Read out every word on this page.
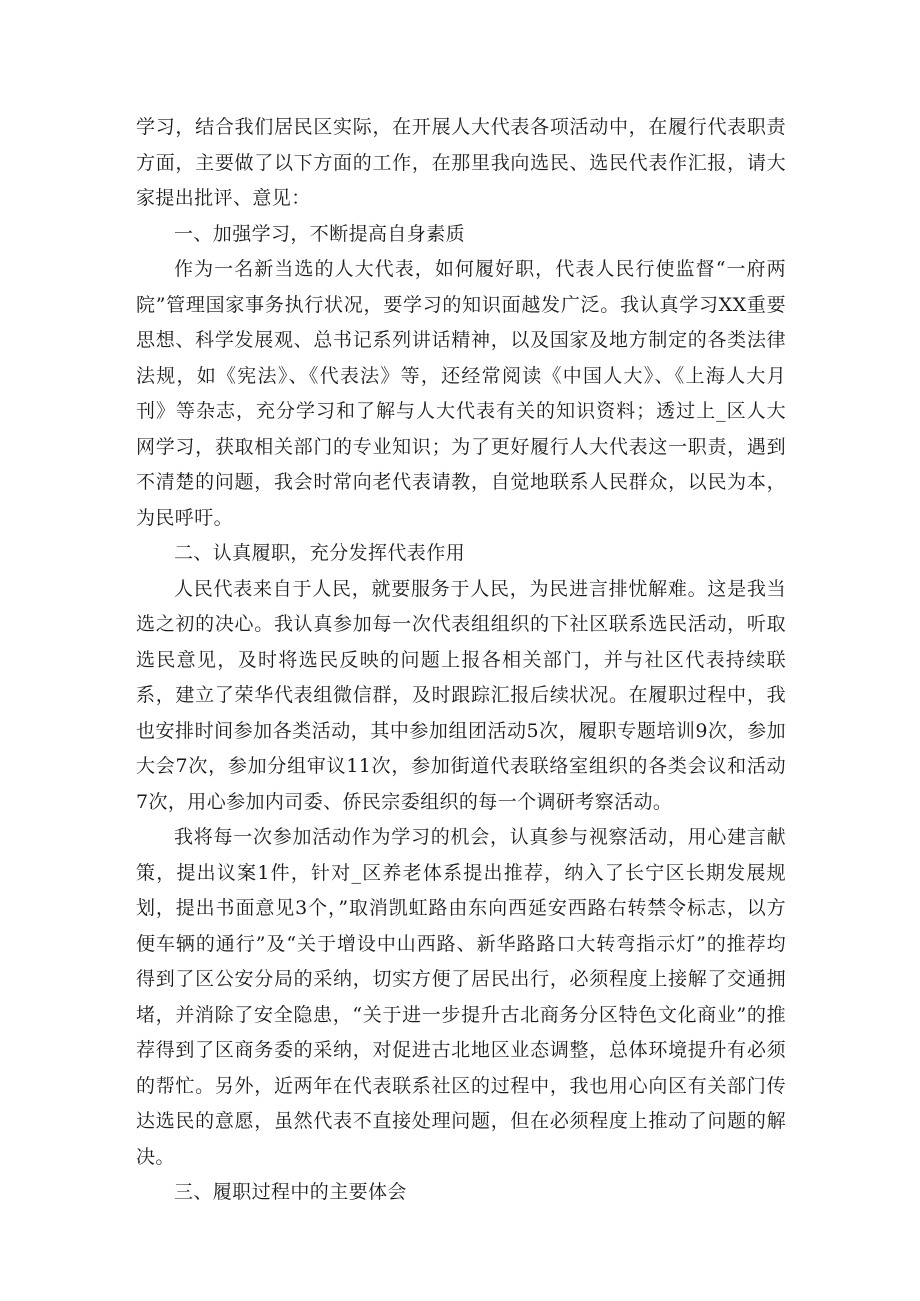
学习，结合我们居民区实际，在开展人大代表各项活动中，在履行代表职责方面，主要做了以下方面的工作，在那里我向选民、选民代表作汇报，请大家提出批评、意见：

一、加强学习，不断提高自身素质

作为一名新当选的人大代表，如何履好职，代表人民行使监督“一府两院”管理国家事务执行状况，要学习的知识面越发广泛。我认真学习XX重要思想、科学发展观、总书记系列讲话精神，以及国家及地方制定的各类法律法规，如《宪法》、《代表法》等，还经常阅读《中国人大》、《上海人大月刊》等杂志，充分学习和了解与人大代表有关的知识资料；透过上_区人大网学习，获取相关部门的专业知识；为了更好履行人大代表这一职责，遇到不清楚的问题，我会时常向老代表请教，自觉地联系人民群众，以民为本，为民呼吁。

二、认真履职，充分发挥代表作用

人民代表来自于人民，就要服务于人民，为民进言排忧解难。这是我当选之初的决心。我认真参加每一次代表组组织的下社区联系选民活动，听取选民意见，及时将选民反映的问题上报各相关部门，并与社区代表持续联系，建立了荣华代表组微信群，及时跟踪汇报后续状况。在履职过程中，我也安排时间参加各类活动，其中参加组团活动5次，履职专题培训9次，参加大会7次，参加分组审议11次，参加街道代表联络室组织的各类会议和活动7次，用心参加内司委、侨民宗委组织的每一个调研考察活动。

我将每一次参加活动作为学习的机会，认真参与视察活动，用心建言献策，提出议案1件，针对_区养老体系提出推荐，纳入了长宁区长期发展规划，提出书面意见3个，”取消凯虹路由东向西延安西路右转禁令标志，以方便车辆的通行”及“关于增设中山西路、新华路路口大转弯指示灯”的推荐均得到了区公安分局的采纳，切实方便了居民出行，必须程度上接解了交通拥堵，并消除了安全隐患，“关于进一步提升古北商务分区特色文化商业”的推荐得到了区商务委的采纳，对促进古北地区业态调整，总体环境提升有必须的帮忙。另外，近两年在代表联系社区的过程中，我也用心向区有关部门传达选民的意愿，虽然代表不直接处理问题，但在必须程度上推动了问题的解决。

三、履职过程中的主要体会
